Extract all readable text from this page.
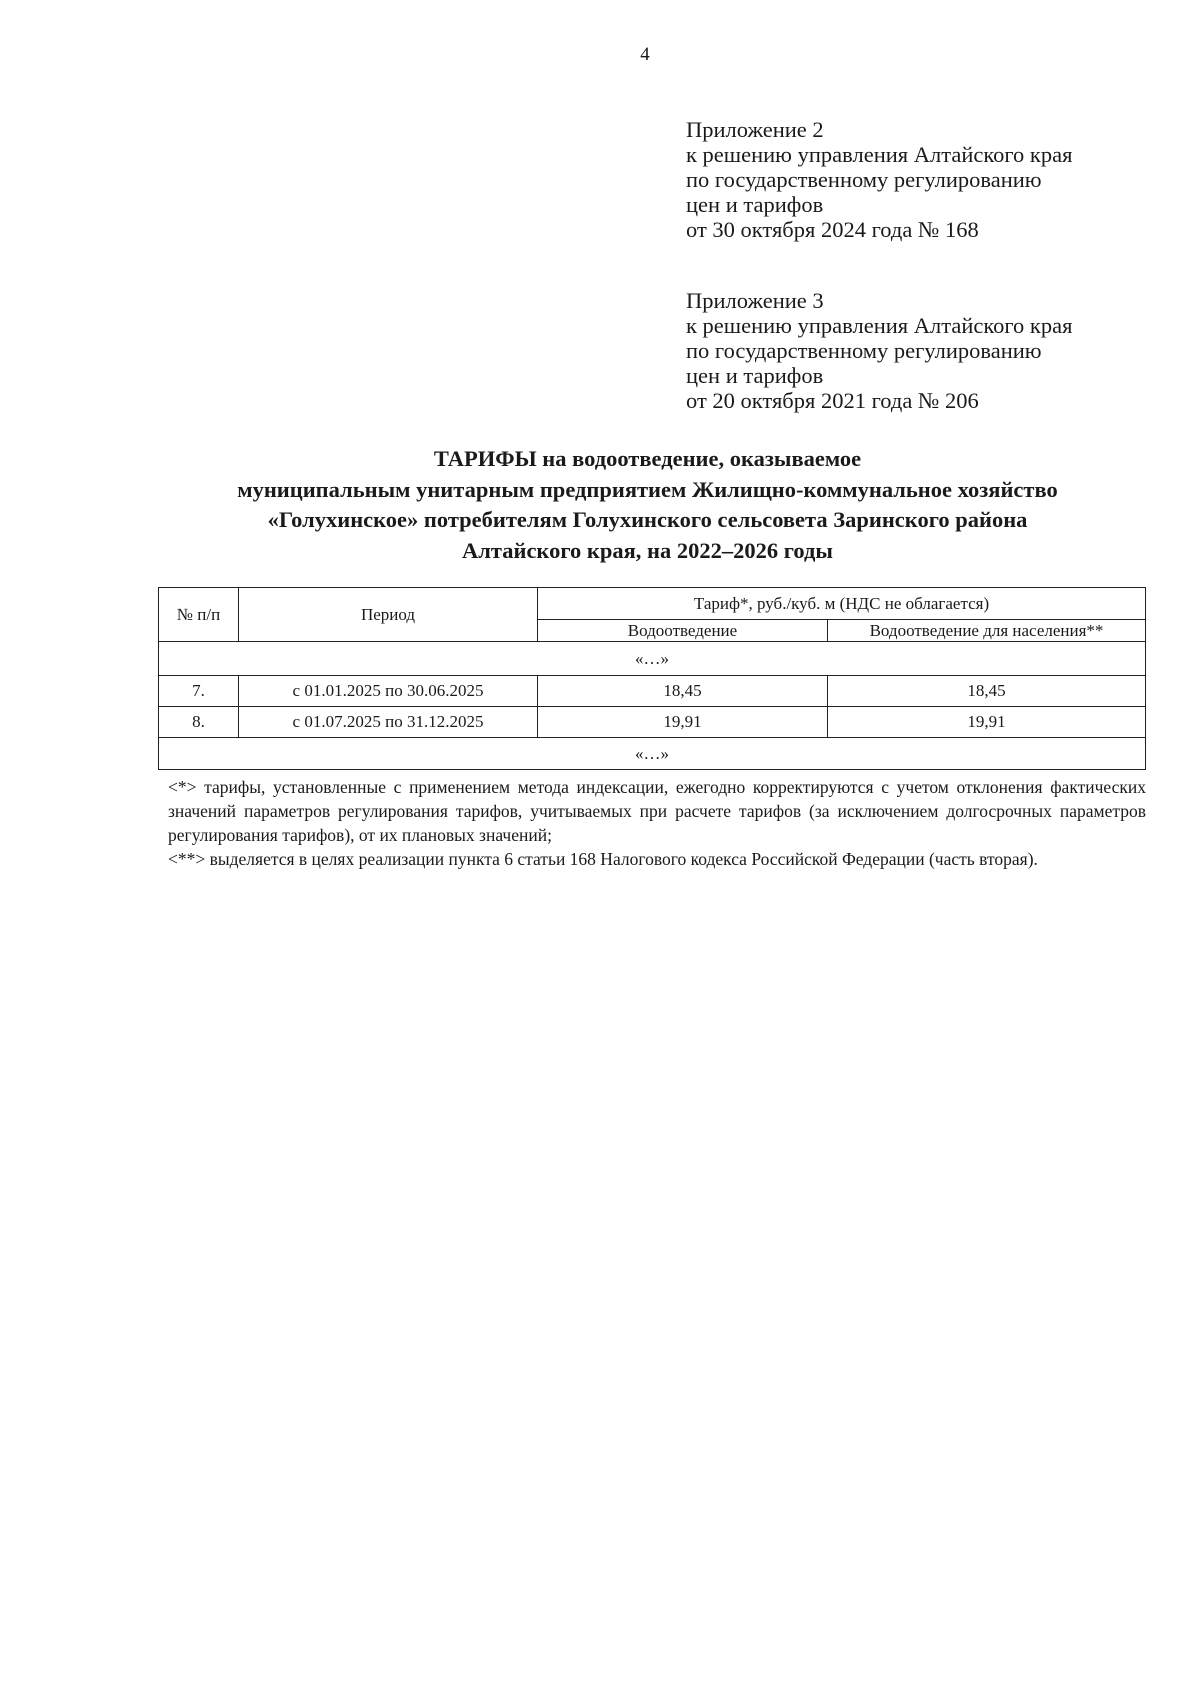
4
Приложение 2
к решению управления Алтайского края
по государственному регулированию
цен и тарифов
от 30 октября 2024 года № 168
Приложение 3
к решению управления Алтайского края
по государственному регулированию
цен и тарифов
от 20 октября 2021 года № 206
ТАРИФЫ на водоотведение, оказываемое
муниципальным унитарным предприятием Жилищно-коммунальное хозяйство
«Голухинское» потребителям Голухинского сельсовета Заринского района
Алтайского края, на 2022–2026 годы
№ п/п	Период	Тариф*, руб./куб. м (НДС не облагается)	
		Водоотведение	Водоотведение для населения**
«…»			
7.	с 01.01.2025 по 30.06.2025	18,45	18,45
8.	с 01.07.2025 по 31.12.2025	19,91	19,91
«…»			

<*> тарифы, установленные с применением метода индексации, ежегодно корректируются с учетом отклонения фактических значений параметров регулирования тарифов, учитываемых при расчете тарифов (за исключением долгосрочных параметров регулирования тарифов), от их плановых значений;

<**> выделяется в целях реализации пункта 6 статьи 168 Налогового кодекса Российской Федерации (часть вторая).
